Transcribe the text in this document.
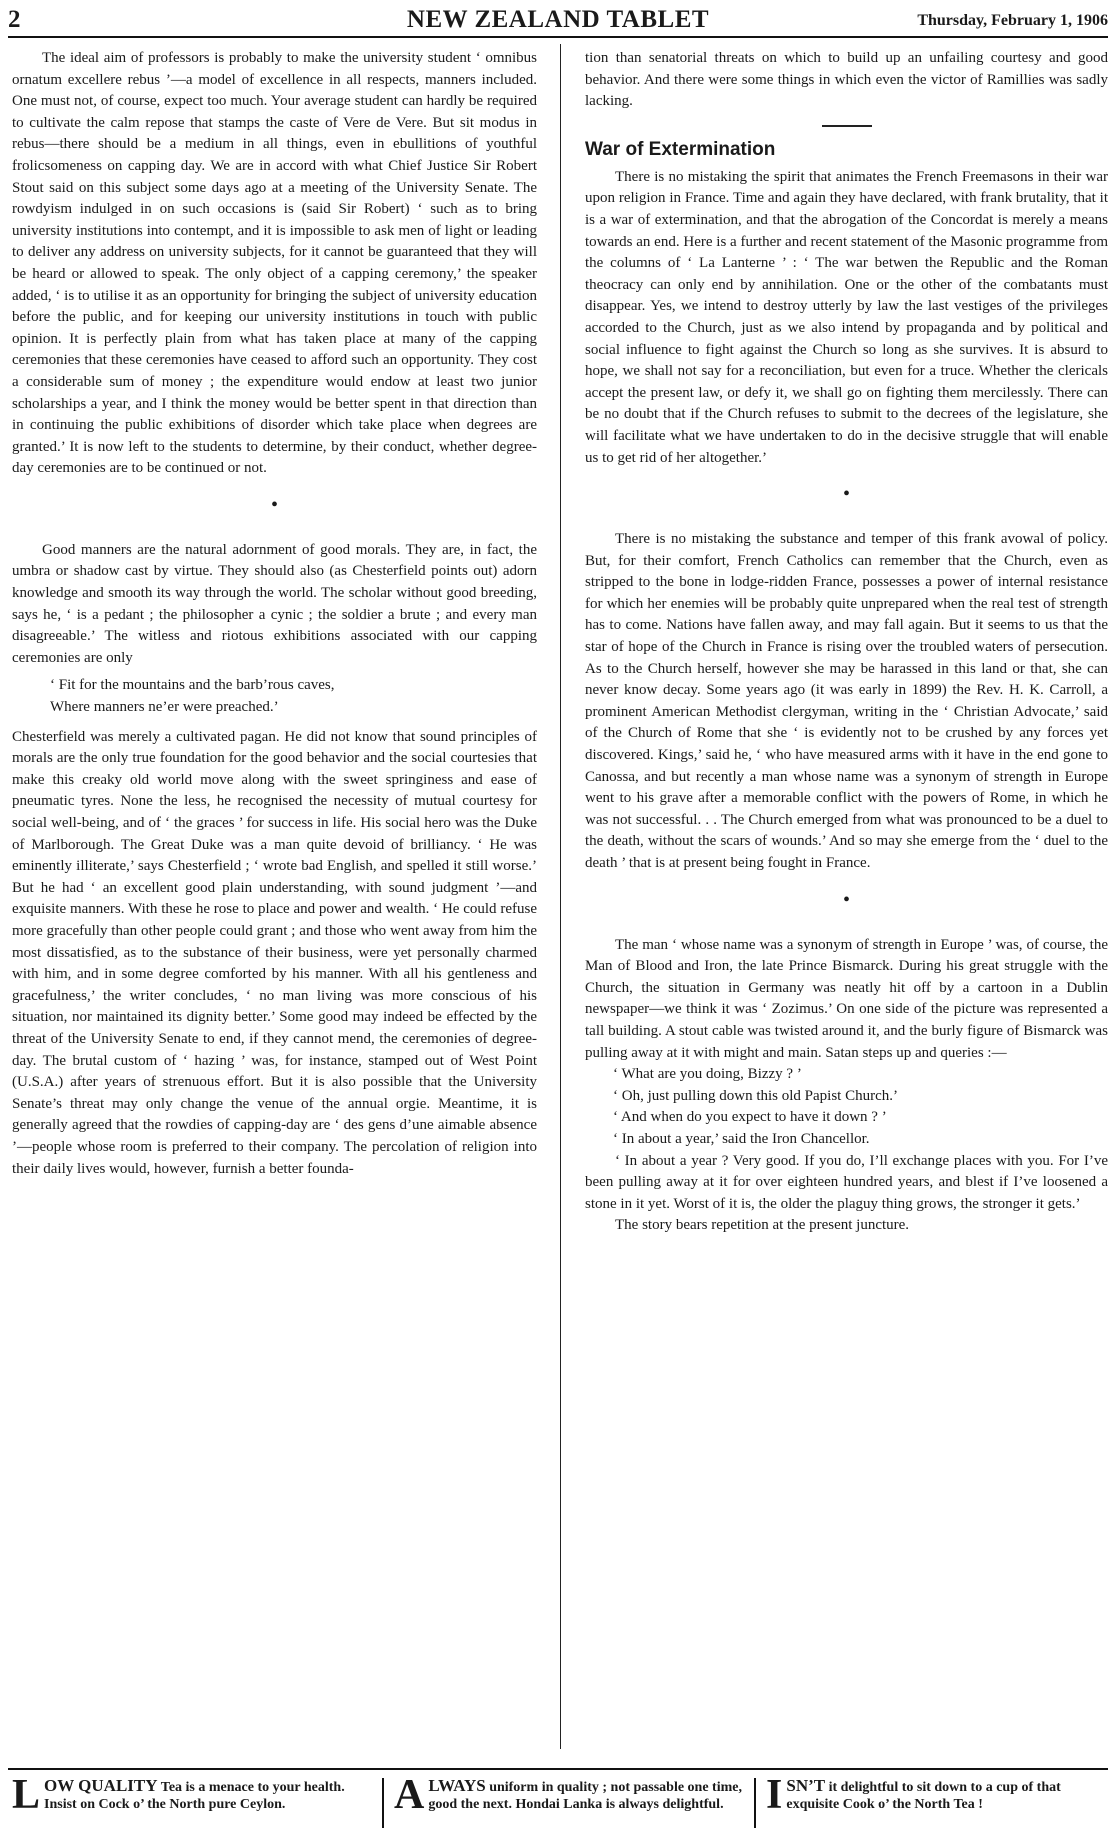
2	NEW ZEALAND TABLET	Thursday, February 1, 1906

The ideal aim of professors is probably to make the university student ‘ omnibus ornatum excellere rebus ’—a model of excellence in all respects, manners included. One must not, of course, expect too much. Your average student can hardly be required to cultivate the calm repose that stamps the caste of Vere de Vere. But sit modus in rebus—there should be a medium in all things, even in ebullitions of youthful frolicsomeness on capping day. We are in accord with what Chief Justice Sir Robert Stout said on this subject some days ago at a meeting of the University Senate. The rowdyism indulged in on such occasions is (said Sir Robert) ‘ such as to bring university institutions into contempt, and it is impossible to ask men of light or leading to deliver any address on university subjects, for it cannot be guaranteed that they will be heard or allowed to speak. The only object of a capping ceremony,’ the speaker added, ‘ is to utilise it as an opportunity for bringing the subject of university education before the public, and for keeping our university institutions in touch with public opinion. It is perfectly plain from what has taken place at many of the capping ceremonies that these ceremonies have ceased to afford such an opportunity. They cost a considerable sum of money ; the expenditure would endow at least two junior scholarships a year, and I think the money would be better spent in that direction than in continuing the public exhibitions of disorder which take place when degrees are granted.’ It is now left to the students to determine, by their conduct, whether degree-day ceremonies are to be continued or not.

•

Good manners are the natural adornment of good morals. They are, in fact, the umbra or shadow cast by virtue. They should also (as Chesterfield points out) adorn knowledge and smooth its way through the world. The scholar without good breeding, says he, ‘ is a pedant ; the philosopher a cynic ; the soldier a brute ; and every man disagreeable.’ The witless and riotous exhibitions associated with our capping ceremonies are only

‘ Fit for the mountains and the barb’rous caves,
Where manners ne’er were preached.’

Chesterfield was merely a cultivated pagan. He did not know that sound principles of morals are the only true foundation for the good behavior and the social courtesies that make this creaky old world move along with the sweet springiness and ease of pneumatic tyres. None the less, he recognised the necessity of mutual courtesy for social well-being, and of ‘ the graces ’ for success in life. His social hero was the Duke of Marlborough. The Great Duke was a man quite devoid of brilliancy. ‘ He was eminently illiterate,’ says Chesterfield ; ‘ wrote bad English, and spelled it still worse.’ But he had ‘ an excellent good plain understanding, with sound judgment ’—and exquisite manners. With these he rose to place and power and wealth. ‘ He could refuse more gracefully than other people could grant ; and those who went away from him the most dissatisfied, as to the substance of their business, were yet personally charmed with him, and in some degree comforted by his manner. With all his gentleness and gracefulness,’ the writer concludes, ‘ no man living was more conscious of his situation, nor maintained its dignity better.’ Some good may indeed be effected by the threat of the University Senate to end, if they cannot mend, the ceremonies of degree-day. The brutal custom of ‘ hazing ’ was, for instance, stamped out of West Point (U.S.A.) after years of strenuous effort. But it is also possible that the University Senate’s threat may only change the venue of the annual orgie. Meantime, it is generally agreed that the rowdies of capping-day are ‘ des gens d’une aimable absence ’—people whose room is preferred to their company. The percolation of religion into their daily lives would, however, furnish a better founda-

tion than senatorial threats on which to build up an unfailing courtesy and good behavior. And there were some things in which even the victor of Ramillies was sadly lacking.

War of Extermination

There is no mistaking the spirit that animates the French Freemasons in their war upon religion in France. Time and again they have declared, with frank brutality, that it is a war of extermination, and that the abrogation of the Concordat is merely a means towards an end. Here is a further and recent statement of the Masonic programme from the columns of ‘ La Lanterne ’ : ‘ The war betwen the Republic and the Roman theocracy can only end by annihilation. One or the other of the combatants must disappear. Yes, we intend to destroy utterly by law the last vestiges of the privileges accorded to the Church, just as we also intend by propaganda and by political and social influence to fight against the Church so long as she survives. It is absurd to hope, we shall not say for a reconciliation, but even for a truce. Whether the clericals accept the present law, or defy it, we shall go on fighting them mercilessly. There can be no doubt that if the Church refuses to submit to the decrees of the legislature, she will facilitate what we have undertaken to do in the decisive struggle that will enable us to get rid of her altogether.’

•

There is no mistaking the substance and temper of this frank avowal of policy. But, for their comfort, French Catholics can remember that the Church, even as stripped to the bone in lodge-ridden France, possesses a power of internal resistance for which her enemies will be probably quite unprepared when the real test of strength has to come. Nations have fallen away, and may fall again. But it seems to us that the star of hope of the Church in France is rising over the troubled waters of persecution. As to the Church herself, however she may be harassed in this land or that, she can never know decay. Some years ago (it was early in 1899) the Rev. H. K. Carroll, a prominent American Methodist clergyman, writing in the ‘ Christian Advocate,’ said of the Church of Rome that she ‘ is evidently not to be crushed by any forces yet discovered. Kings,’ said he, ‘ who have measured arms with it have in the end gone to Canossa, and but recently a man whose name was a synonym of strength in Europe went to his grave after a memorable conflict with the powers of Rome, in which he was not successful. . . The Church emerged from what was pronounced to be a duel to the death, without the scars of wounds.’ And so may she emerge from the ‘ duel to the death ’ that is at present being fought in France.

•

The man ‘ whose name was a synonym of strength in Europe ’ was, of course, the Man of Blood and Iron, the late Prince Bismarck. During his great struggle with the Church, the situation in Germany was neatly hit off by a cartoon in a Dublin newspaper—we think it was ‘ Zozimus.’ On one side of the picture was represented a tall building. A stout cable was twisted around it, and the burly figure of Bismarck was pulling away at it with might and main. Satan steps up and queries :—

‘ What are you doing, Bizzy ? ’
‘ Oh, just pulling down this old Papist Church.’
‘ And when do you expect to have it down ? ’
‘ In about a year,’ said the Iron Chancellor.

‘ In about a year ? Very good. If you do, I’ll exchange places with you. For I’ve been pulling away at it for over eighteen hundred years, and blest if I’ve loosened a stone in it yet. Worst of it is, the older the plaguy thing grows, the stronger it gets.’

The story bears repetition at the present juncture.

LOW QUALITY Tea is a menace to your health. Insist on Cock o’ the North pure Ceylon.	ALWAYS uniform in quality ; not passable one time, good the next. Hondai Lanka is always delightful.	ISN’T it delightful to sit down to a cup of that exquisite Cook o’ the North Tea !
